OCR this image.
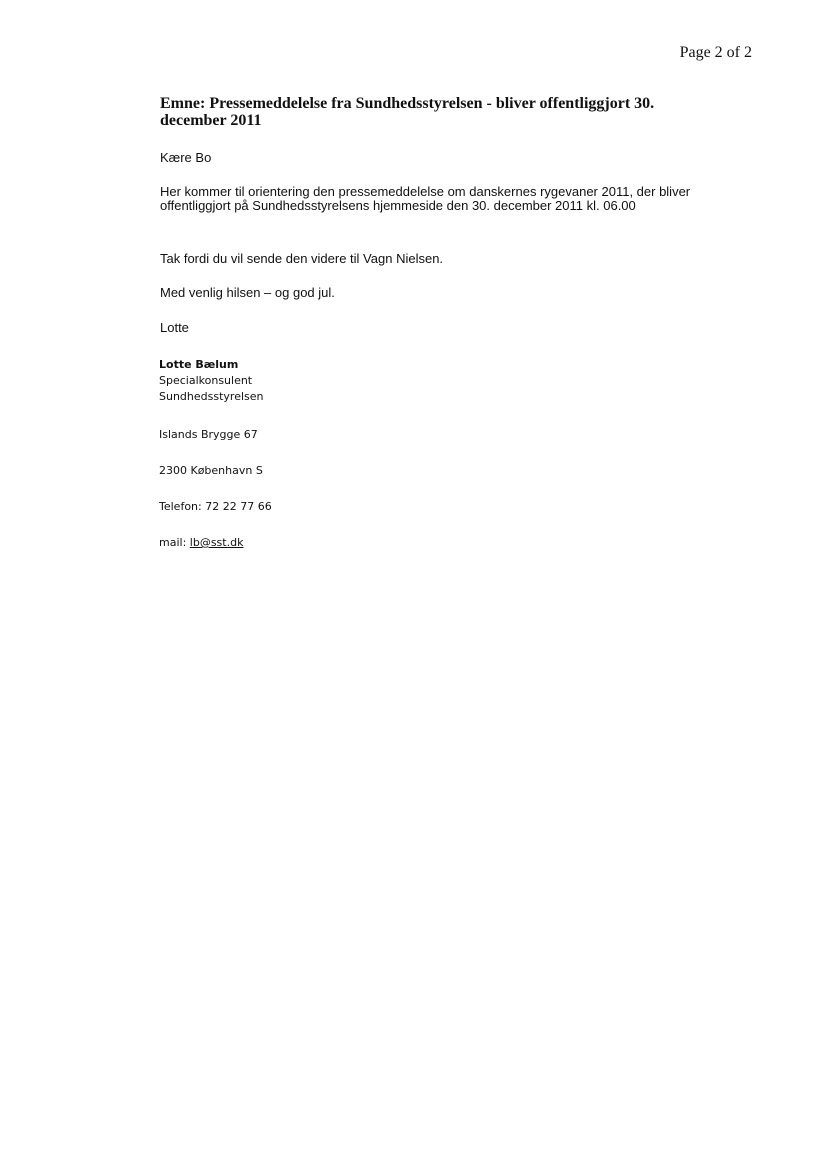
Page 2 of 2
Emne: Pressemeddelelse fra Sundhedsstyrelsen - bliver offentliggjort 30. december 2011
Kære Bo
Her kommer til orientering den pressemeddelelse om danskernes rygevaner 2011, der bliver offentliggjort på Sundhedsstyrelsens hjemmeside den 30. december 2011 kl. 06.00
Tak fordi du vil sende den videre til Vagn Nielsen.
Med venlig hilsen – og god jul.
Lotte
Lotte Bælum
Specialkonsulent
Sundhedsstyrelsen
Islands Brygge 67
2300 København S
Telefon: 72 22 77 66
mail: lb@sst.dk
